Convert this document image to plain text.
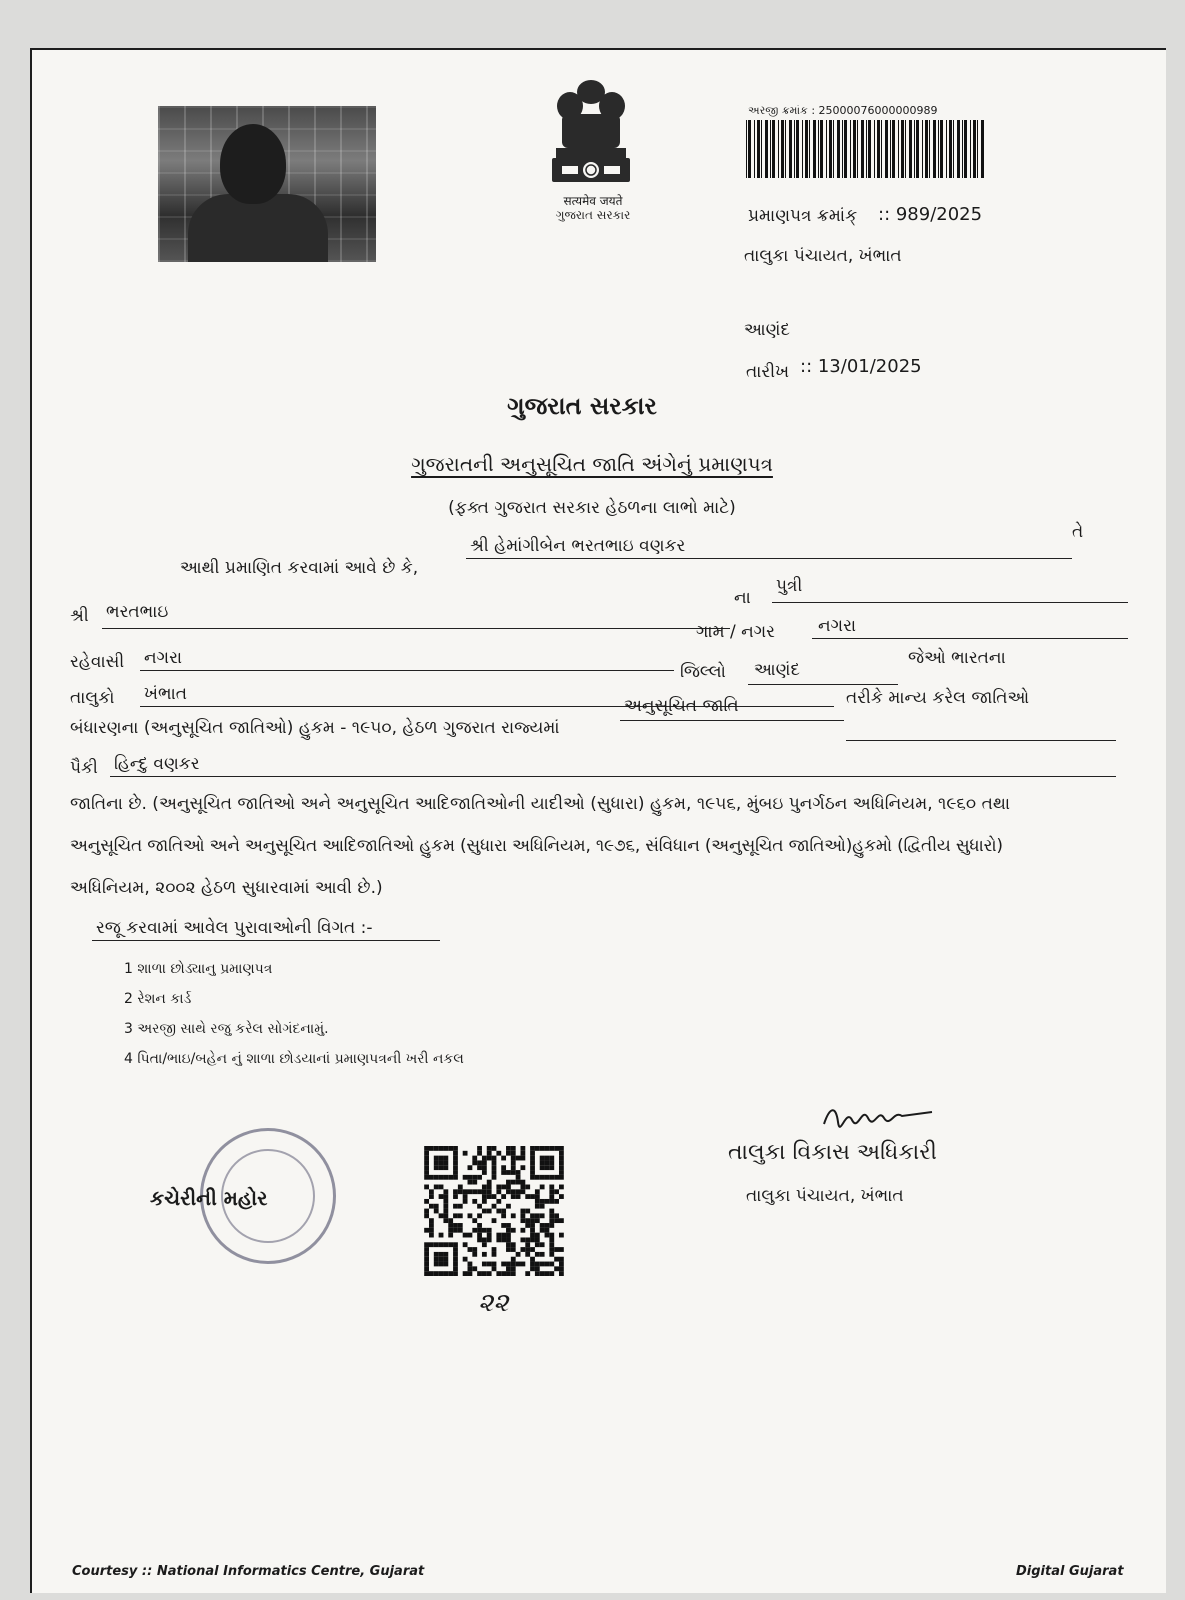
सत्यमेव जयते
ગુજરાત સરકાર
અરજી ક્રમાંક : 25000076000000989
પ્રમાણપત્ર ક્રમાંક્ :: 989/2025
તાલુકા પંચાયત, ખંભાત
આણંદ
તારીખ :: 13/01/2025
ગુજરાત સરકાર
ગુજરાતની અનુસૂચિત જાતિ અંગેનું પ્રમાણપત્ર
(ફક્ત ગુજરાત સરકાર હેઠળના લાભો માટે)
આથી પ્રમાણિત કરવામાં આવે છે કે,
શ્રી હેમાંગીબેન ભરતભાઇ વણકર
તે
શ્રી ભરતભાઇ
ના
પુત્રી
ગામ / નગર	નગરા
રહેવાસી નગરા
જિલ્લો આણંદ
જેઓ ભારતના
તાલુકો ખંભાત
બંધારણના (અનુસૂચિત જાતિઓ) હુકમ - ૧૯૫૦, હેઠળ ગુજરાત રાજ્યમાં
અનુસૂચિત જાતિ	તરીકે માન્ય કરેલ જાતિઓ
પૈકી હિન્દુ વણકર
જાતિના છે. (અનુસૂચિત જાતિઓ અને અનુસૂચિત આદિજાતિઓની યાદીઓ (સુધારા) હુકમ, ૧૯૫૬, મુંબઇ પુનર્ગઠન અધિનિયમ, ૧૯૬૦ તથા
અનુસૂચિત જાતિઓ અને અનુસૂચિત આદિજાતિઓ હુકમ (સુધારા અધિનિયમ, ૧૯૭૬, સંવિધાન (અનુસૂચિત જાતિઓ)હુકમો (દ્વિતીય સુધારો)
અધિનિયમ, ૨૦૦૨ હેઠળ સુધારવામાં આવી છે.)
રજૂ કરવામાં આવેલ પુરાવાઓની વિગત :-
1 શાળા છોડ્યાનુ પ્રમાણપત્ર
2 રેશન કાર્ડ
3 અરજી સાથે રજુ કરેલ સોગંદનામું.
4 પિતા/ભાઇ/બહેન નું શાળા છોડયાનાં પ્રમાણપત્રની ખરી નકલ
કચેરીની મહોર
૨૨
તાલુકા વિકાસ અધિકારી
તાલુકા પંચાયત, ખંભાત
Courtesy :: National Informatics Centre, Gujarat	Digital Gujarat
